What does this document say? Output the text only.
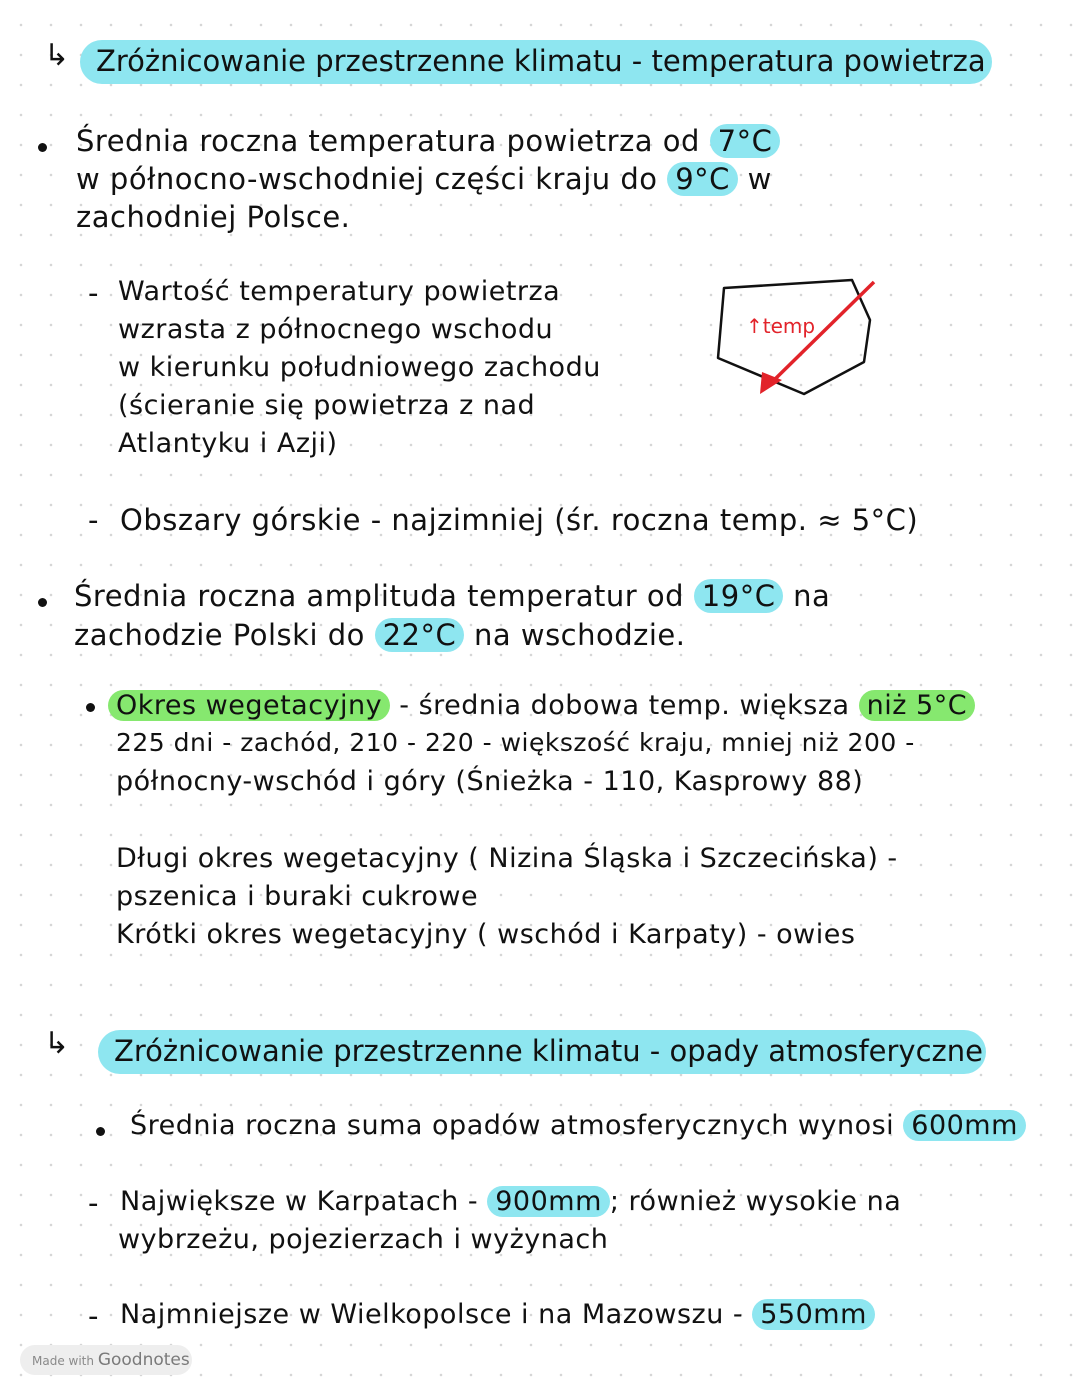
↳ Zróżnicowanie przestrzenne klimatu - temperatura powietrza
Średnia roczna temperatura powietrza od 7°C
w północno-wschodniej części kraju do 9°C w
zachodniej Polsce.
- Wartość temperatury powietrza
wzrasta z północnego wschodu
w kierunku południowego zachodu
(ścieranie się powietrza z nad
Atlantyku i Azji)
↑temp
- Obszary górskie - najzimniej (śr. roczna temp. ≈ 5°C)
Średnia roczna amplituda temperatur od 19°C na
zachodzie Polski do 22°C na wschodzie.
Okres wegetacyjny - średnia dobowa temp. większa niż 5°C
225 dni - zachód, 210 - 220 - większość kraju, mniej niż 200 -
północny-wschód i góry (Śnieżka - 110, Kasprowy 88)
Długi okres wegetacyjny ( Nizina Śląska i Szczecińska) -
pszenica i buraki cukrowe
Krótki okres wegetacyjny ( wschód i Karpaty) - owies
↳ Zróżnicowanie przestrzenne klimatu - opady atmosferyczne
Średnia roczna suma opadów atmosferycznych wynosi 600mm
- Największe w Karpatach - 900mm ; również wysokie na
wybrzeżu, pojezierzach i wyżynach
- Najmniejsze w Wielkopolsce i na Mazowszu - 550mm
Made with Goodnotes
